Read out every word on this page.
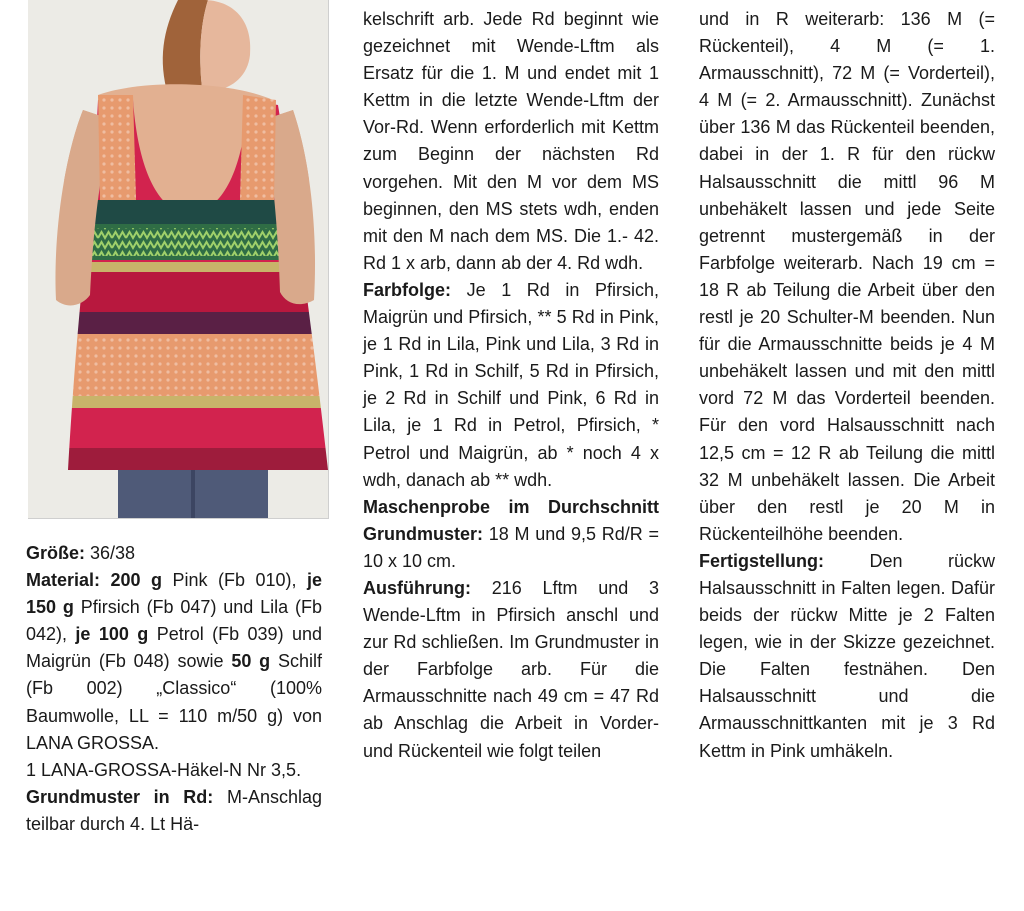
Größe: 36/38

Material: 200 g Pink (Fb 010), je 150 g Pfirsich (Fb 047) und Lila (Fb 042), je 100 g Petrol (Fb 039) und Maigrün (Fb 048) sowie 50 g Schilf (Fb 002) „Classico“ (100% Baumwolle, LL = 110 m/50 g) von LANA GROSSA.

1 LANA-GROSSA-Häkel-N Nr 3,5.

Grundmuster in Rd: M-Anschlag teilbar durch 4. Lt Hä-

kelschrift arb. Jede Rd beginnt wie gezeichnet mit Wende-Lftm als Ersatz für die 1. M und endet mit 1 Kettm in die letzte Wende-Lftm der Vor-Rd. Wenn erforderlich mit Kettm zum Beginn der nächsten Rd vorgehen. Mit den M vor dem MS beginnen, den MS stets wdh, enden mit den M nach dem MS. Die 1.- 42. Rd 1 x arb, dann ab der 4. Rd wdh.

Farbfolge: Je 1 Rd in Pfirsich, Maigrün und Pfirsich, ** 5 Rd in Pink, je 1 Rd in Lila, Pink und Lila, 3 Rd in Pink, 1 Rd in Schilf, 5 Rd in Pfirsich, je 2 Rd in Schilf und Pink, 6 Rd in Lila, je 1 Rd in Petrol, Pfirsich, * Petrol und Maigrün, ab * noch 4 x wdh, danach ab ** wdh.

Maschenprobe im Durchschnitt Grundmuster: 18 M und 9,5 Rd/R = 10 x 10 cm.

Ausführung: 216 Lftm und 3 Wende-Lftm in Pfirsich anschl und zur Rd schließen. Im Grundmuster in der Farbfolge arb. Für die Armausschnitte nach 49 cm = 47 Rd ab Anschlag die Arbeit in Vorder- und Rückenteil wie folgt teilen

und in R weiterarb: 136 M (= Rückenteil), 4 M (= 1. Armausschnitt), 72 M (= Vorderteil), 4 M (= 2. Armausschnitt). Zunächst über 136 M das Rückenteil beenden, dabei in der 1. R für den rückw Halsausschnitt die mittl 96 M unbehäkelt lassen und jede Seite getrennt mustergemäß in der Farbfolge weiterarb. Nach 19 cm = 18 R ab Teilung die Arbeit über den restl je 20 Schulter-M beenden. Nun für die Armausschnitte beids je 4 M unbehäkelt lassen und mit den mittl vord 72 M das Vorderteil beenden. Für den vord Halsausschnitt nach 12,5 cm = 12 R ab Teilung die mittl 32 M unbehäkelt lassen. Die Arbeit über den restl je 20 M in Rückenteilhöhe beenden.

Fertigstellung: Den rückw Halsausschnitt in Falten legen. Dafür beids der rückw Mitte je 2 Falten legen, wie in der Skizze gezeichnet. Die Falten festnähen. Den Halsausschnitt und die Armausschnittkanten mit je 3 Rd Kettm in Pink umhäkeln.
